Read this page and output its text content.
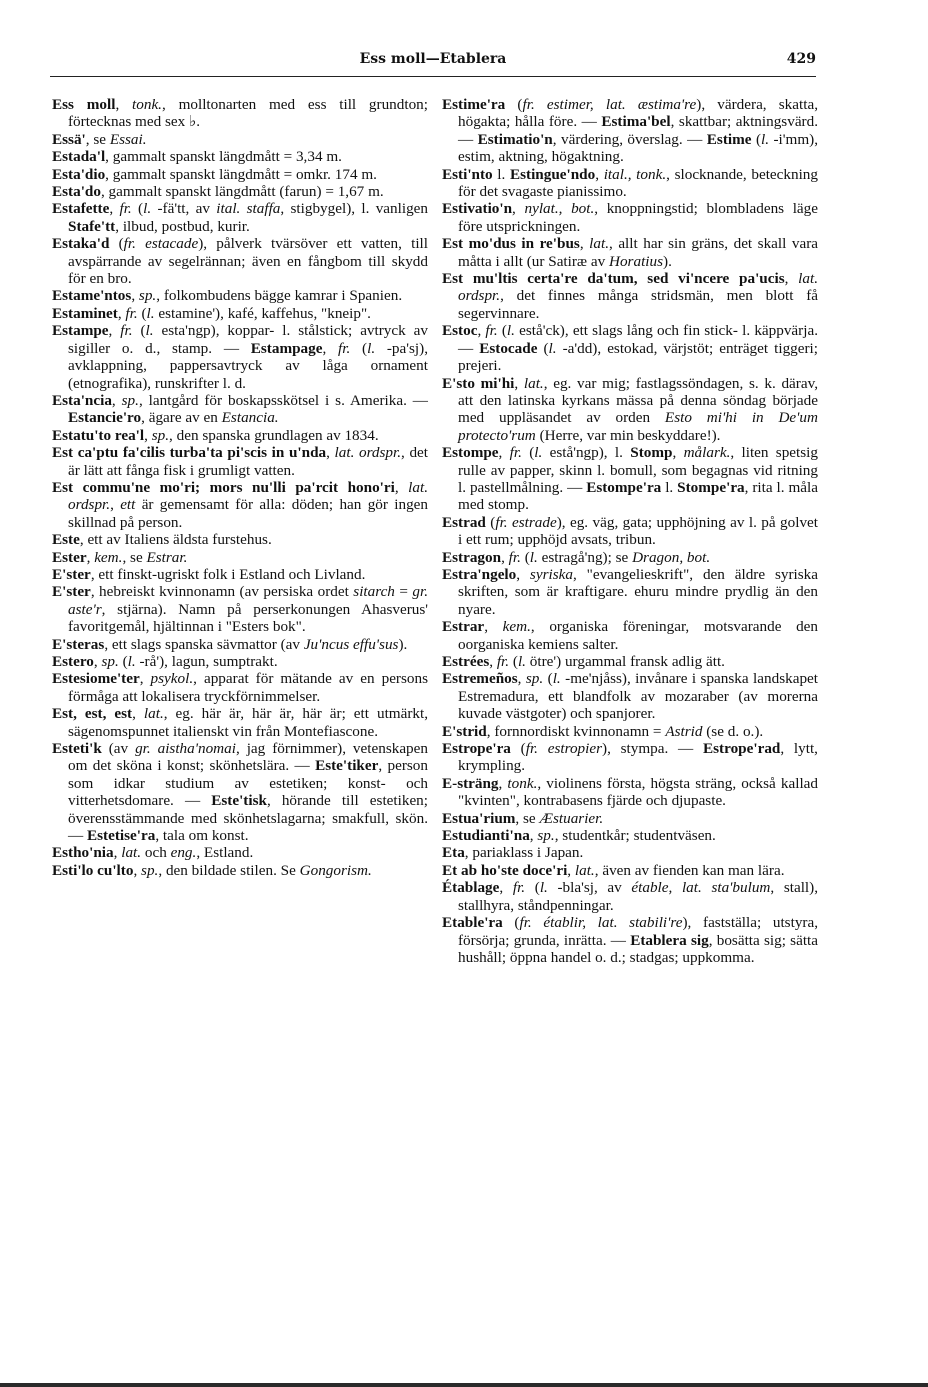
Ess moll—Etablera	429

Ess moll, tonk., molltonarten med ess till grundton; förtecknas med sex ♭.

Essä', se Essai.

Estada'l, gammalt spanskt längdmått = 3,34 m.

Esta'dio, gammalt spanskt längdmått = omkr. 174 m.

Esta'do, gammalt spanskt längdmått (farun) = 1,67 m.

Estafette, fr. (l. -fä'tt, av ital. staffa, stigbygel), l. vanligen Stafe'tt, ilbud, postbud, kurir.

Estaka'd (fr. estacade), pålverk tvärsöver ett vatten, till avspärrande av segelrännan; även en fångbom till skydd för en bro.

Estame'ntos, sp., folkombudens bägge kamrar i Spanien.

Estaminet, fr. (l. estamine'), kafé, kaffehus, "kneip".

Estampe, fr. (l. esta'ngp), koppar- l. stålstick; avtryck av sigiller o. d., stamp. — Estampage, fr. (l. -pa'sj), avklappning, pappersavtryck av låga ornament (etnografika), runskrifter l. d.

Esta'ncia, sp., lantgård för boskapsskötsel i s. Amerika. — Estancie'ro, ägare av en Estancia.

Estatu'to rea'l, sp., den spanska grundlagen av 1834.

Est ca'ptu fa'cilis turba'ta pi'scis in u'nda, lat. ordspr., det är lätt att fånga fisk i grumligt vatten.

Est commu'ne mo'ri; mors nu'lli pa'rcit hono'ri, lat. ordspr., ett är gemensamt för alla: döden; han gör ingen skillnad på person.

Este, ett av Italiens äldsta furstehus.

Ester, kem., se Estrar.

E'ster, ett finskt-ugriskt folk i Estland och Livland.

E'ster, hebreiskt kvinnonamn (av persiska ordet sitarch = gr. aste'r, stjärna). Namn på perserkonungen Ahasverus' favoritgemål, hjältinnan i "Esters bok".

E'steras, ett slags spanska sävmattor (av Ju'ncus effu'sus).

Estero, sp. (l. -rå'), lagun, sumptrakt.

Estesiome'ter, psykol., apparat för mätande av en persons förmåga att lokalisera tryckförnimmelser.

Est, est, est, lat., eg. här är, här är, här är; ett utmärkt, sägenomspunnet italienskt vin från Montefiascone.

Esteti'k (av gr. aistha'nomai, jag förnimmer), vetenskapen om det sköna i konst; skönhetslära. — Este'tiker, person som idkar studium av estetiken; konst- och vitterhetsdomare. — Este'tisk, hörande till estetiken; överensstämmande med skönhetslagarna; smakfull, skön. — Estetise'ra, tala om konst.

Estho'nia, lat. och eng., Estland.

Esti'lo cu'lto, sp., den bildade stilen. Se Gongorism.

Estime'ra (fr. estimer, lat. æstima're), värdera, skatta, högakta; hålla före. — Estima'bel, skattbar; aktningsvärd. — Estimatio'n, värdering, överslag. — Estime (l. -i'mm), estim, aktning, högaktning.

Esti'nto l. Estingue'ndo, ital., tonk., slocknande, beteckning för det svagaste pianissimo.

Estivatio'n, nylat., bot., knoppningstid; blombladens läge före utsprickningen.

Est mo'dus in re'bus, lat., allt har sin gräns, det skall vara måtta i allt (ur Satiræ av Horatius).

Est mu'ltis certa're da'tum, sed vi'ncere pa'ucis, lat. ordspr., det finnes många stridsmän, men blott få segervinnare.

Estoc, fr. (l. estå'ck), ett slags lång och fin stick- l. käppvärja. — Estocade (l. -a'dd), estokad, värjstöt; enträget tiggeri; prejeri.

E'sto mi'hi, lat., eg. var mig; fastlagssöndagen, s. k. därav, att den latinska kyrkans mässa på denna söndag började med uppläsandet av orden Esto mi'hi in De'um protecto'rum (Herre, var min beskyddare!).

Estompe, fr. (l. estå'ngp), l. Stomp, målark., liten spetsig rulle av papper, skinn l. bomull, som begagnas vid ritning l. pastellmålning. — Estompe'ra l. Stompe'ra, rita l. måla med stomp.

Estrad (fr. estrade), eg. väg, gata; upphöjning av l. på golvet i ett rum; upphöjd avsats, tribun.

Estragon, fr. (l. estragå'ng); se Dragon, bot.

Estra'ngelo, syriska, "evangelieskrift", den äldre syriska skriften, som är kraftigare. ehuru mindre prydlig än den nyare.

Estrar, kem., organiska föreningar, motsvarande den oorganiska kemiens salter.

Estrées, fr. (l. ötre') urgammal fransk adlig ätt.

Estremeños, sp. (l. -me'njåss), invånare i spanska landskapet Estremadura, ett blandfolk av mozaraber (av morerna kuvade västgoter) och spanjorer.

E'strid, fornnordiskt kvinnonamn = Astrid (se d. o.).

Estrope'ra (fr. estropier), stympa. — Estrope'rad, lytt, krympling.

E-sträng, tonk., violinens första, högsta sträng, också kallad "kvinten", kontrabasens fjärde och djupaste.

Estua'rium, se Æstuarier.

Estudianti'na, sp., studentkår; studentväsen.

Eta, pariaklass i Japan.

Et ab ho'ste doce'ri, lat., även av fienden kan man lära.

Établage, fr. (l. -bla'sj, av étable, lat. sta'bulum, stall), stallhyra, ståndpenningar.

Etable'ra (fr. établir, lat. stabili're), fastställa; utstyra, försörja; grunda, inrätta. — Etablera sig, bosätta sig; sätta hushåll; öppna handel o. d.; stadgas; uppkomma.
